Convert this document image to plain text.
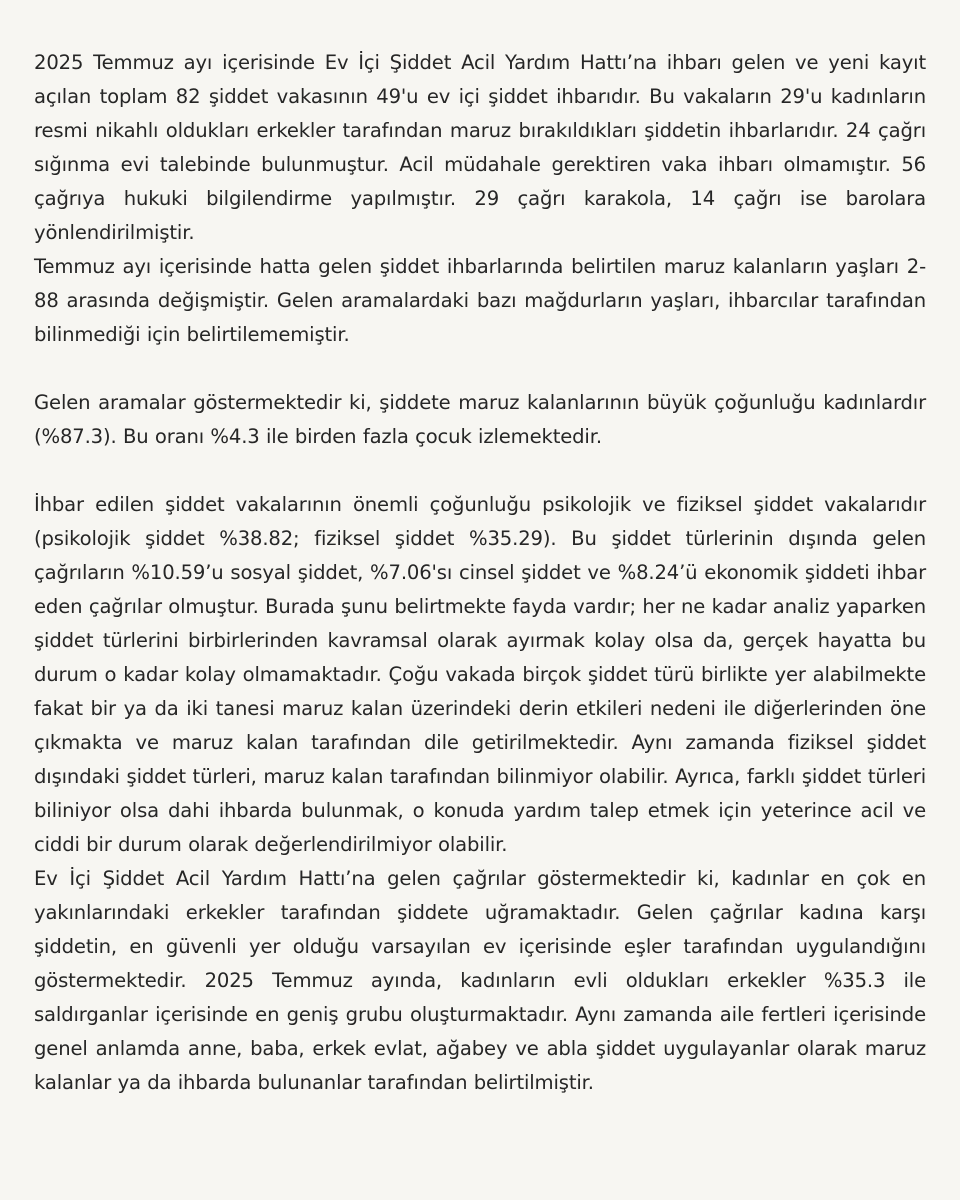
2025 Temmuz ayı içerisinde Ev İçi Şiddet Acil Yardım Hattı’na ihbarı gelen ve yeni kayıt açılan toplam 82 şiddet vakasının 49'u ev içi şiddet ihbarıdır. Bu vakaların 29'u kadınların resmi nikahlı oldukları erkekler tarafından maruz bırakıldıkları şiddetin ihbarlarıdır. 24 çağrı sığınma evi talebinde bulunmuştur. Acil müdahale gerektiren vaka ihbarı olmamıştır. 56 çağrıya hukuki bilgilendirme yapılmıştır. 29 çağrı karakola, 14 çağrı ise barolara yönlendirilmiştir.

Temmuz ayı içerisinde hatta gelen şiddet ihbarlarında belirtilen maruz kalanların yaşları 2-88 arasında değişmiştir. Gelen aramalardaki bazı mağdurların yaşları, ihbarcılar tarafından bilinmediği için belirtilememiştir.

Gelen aramalar göstermektedir ki, şiddete maruz kalanlarının büyük çoğunluğu kadınlardır (%87.3). Bu oranı %4.3 ile birden fazla çocuk izlemektedir.

İhbar edilen şiddet vakalarının önemli çoğunluğu psikolojik ve fiziksel şiddet vakalarıdır (psikolojik şiddet %38.82; fiziksel şiddet %35.29). Bu şiddet türlerinin dışında gelen çağrıların %10.59’u sosyal şiddet, %7.06'sı cinsel şiddet ve %8.24’ü ekonomik şiddeti ihbar eden çağrılar olmuştur. Burada şunu belirtmekte fayda vardır; her ne kadar analiz yaparken şiddet türlerini birbirlerinden kavramsal olarak ayırmak kolay olsa da, gerçek hayatta bu durum o kadar kolay olmamaktadır. Çoğu vakada birçok şiddet türü birlikte yer alabilmekte fakat bir ya da iki tanesi maruz kalan üzerindeki derin etkileri nedeni ile diğerlerinden öne çıkmakta ve maruz kalan tarafından dile getirilmektedir. Aynı zamanda fiziksel şiddet dışındaki şiddet türleri, maruz kalan tarafından bilinmiyor olabilir. Ayrıca, farklı şiddet türleri biliniyor olsa dahi ihbarda bulunmak, o konuda yardım talep etmek için yeterince acil ve ciddi bir durum olarak değerlendirilmiyor olabilir.

Ev İçi Şiddet Acil Yardım Hattı’na gelen çağrılar göstermektedir ki, kadınlar en çok en yakınlarındaki erkekler tarafından şiddete uğramaktadır. Gelen çağrılar kadına karşı şiddetin, en güvenli yer olduğu varsayılan ev içerisinde eşler tarafından uygulandığını göstermektedir. 2025 Temmuz ayında, kadınların evli oldukları erkekler %35.3 ile saldırganlar içerisinde en geniş grubu oluşturmaktadır. Aynı zamanda aile fertleri içerisinde genel anlamda anne, baba, erkek evlat, ağabey ve abla şiddet uygulayanlar olarak maruz kalanlar ya da ihbarda bulunanlar tarafından belirtilmiştir.
